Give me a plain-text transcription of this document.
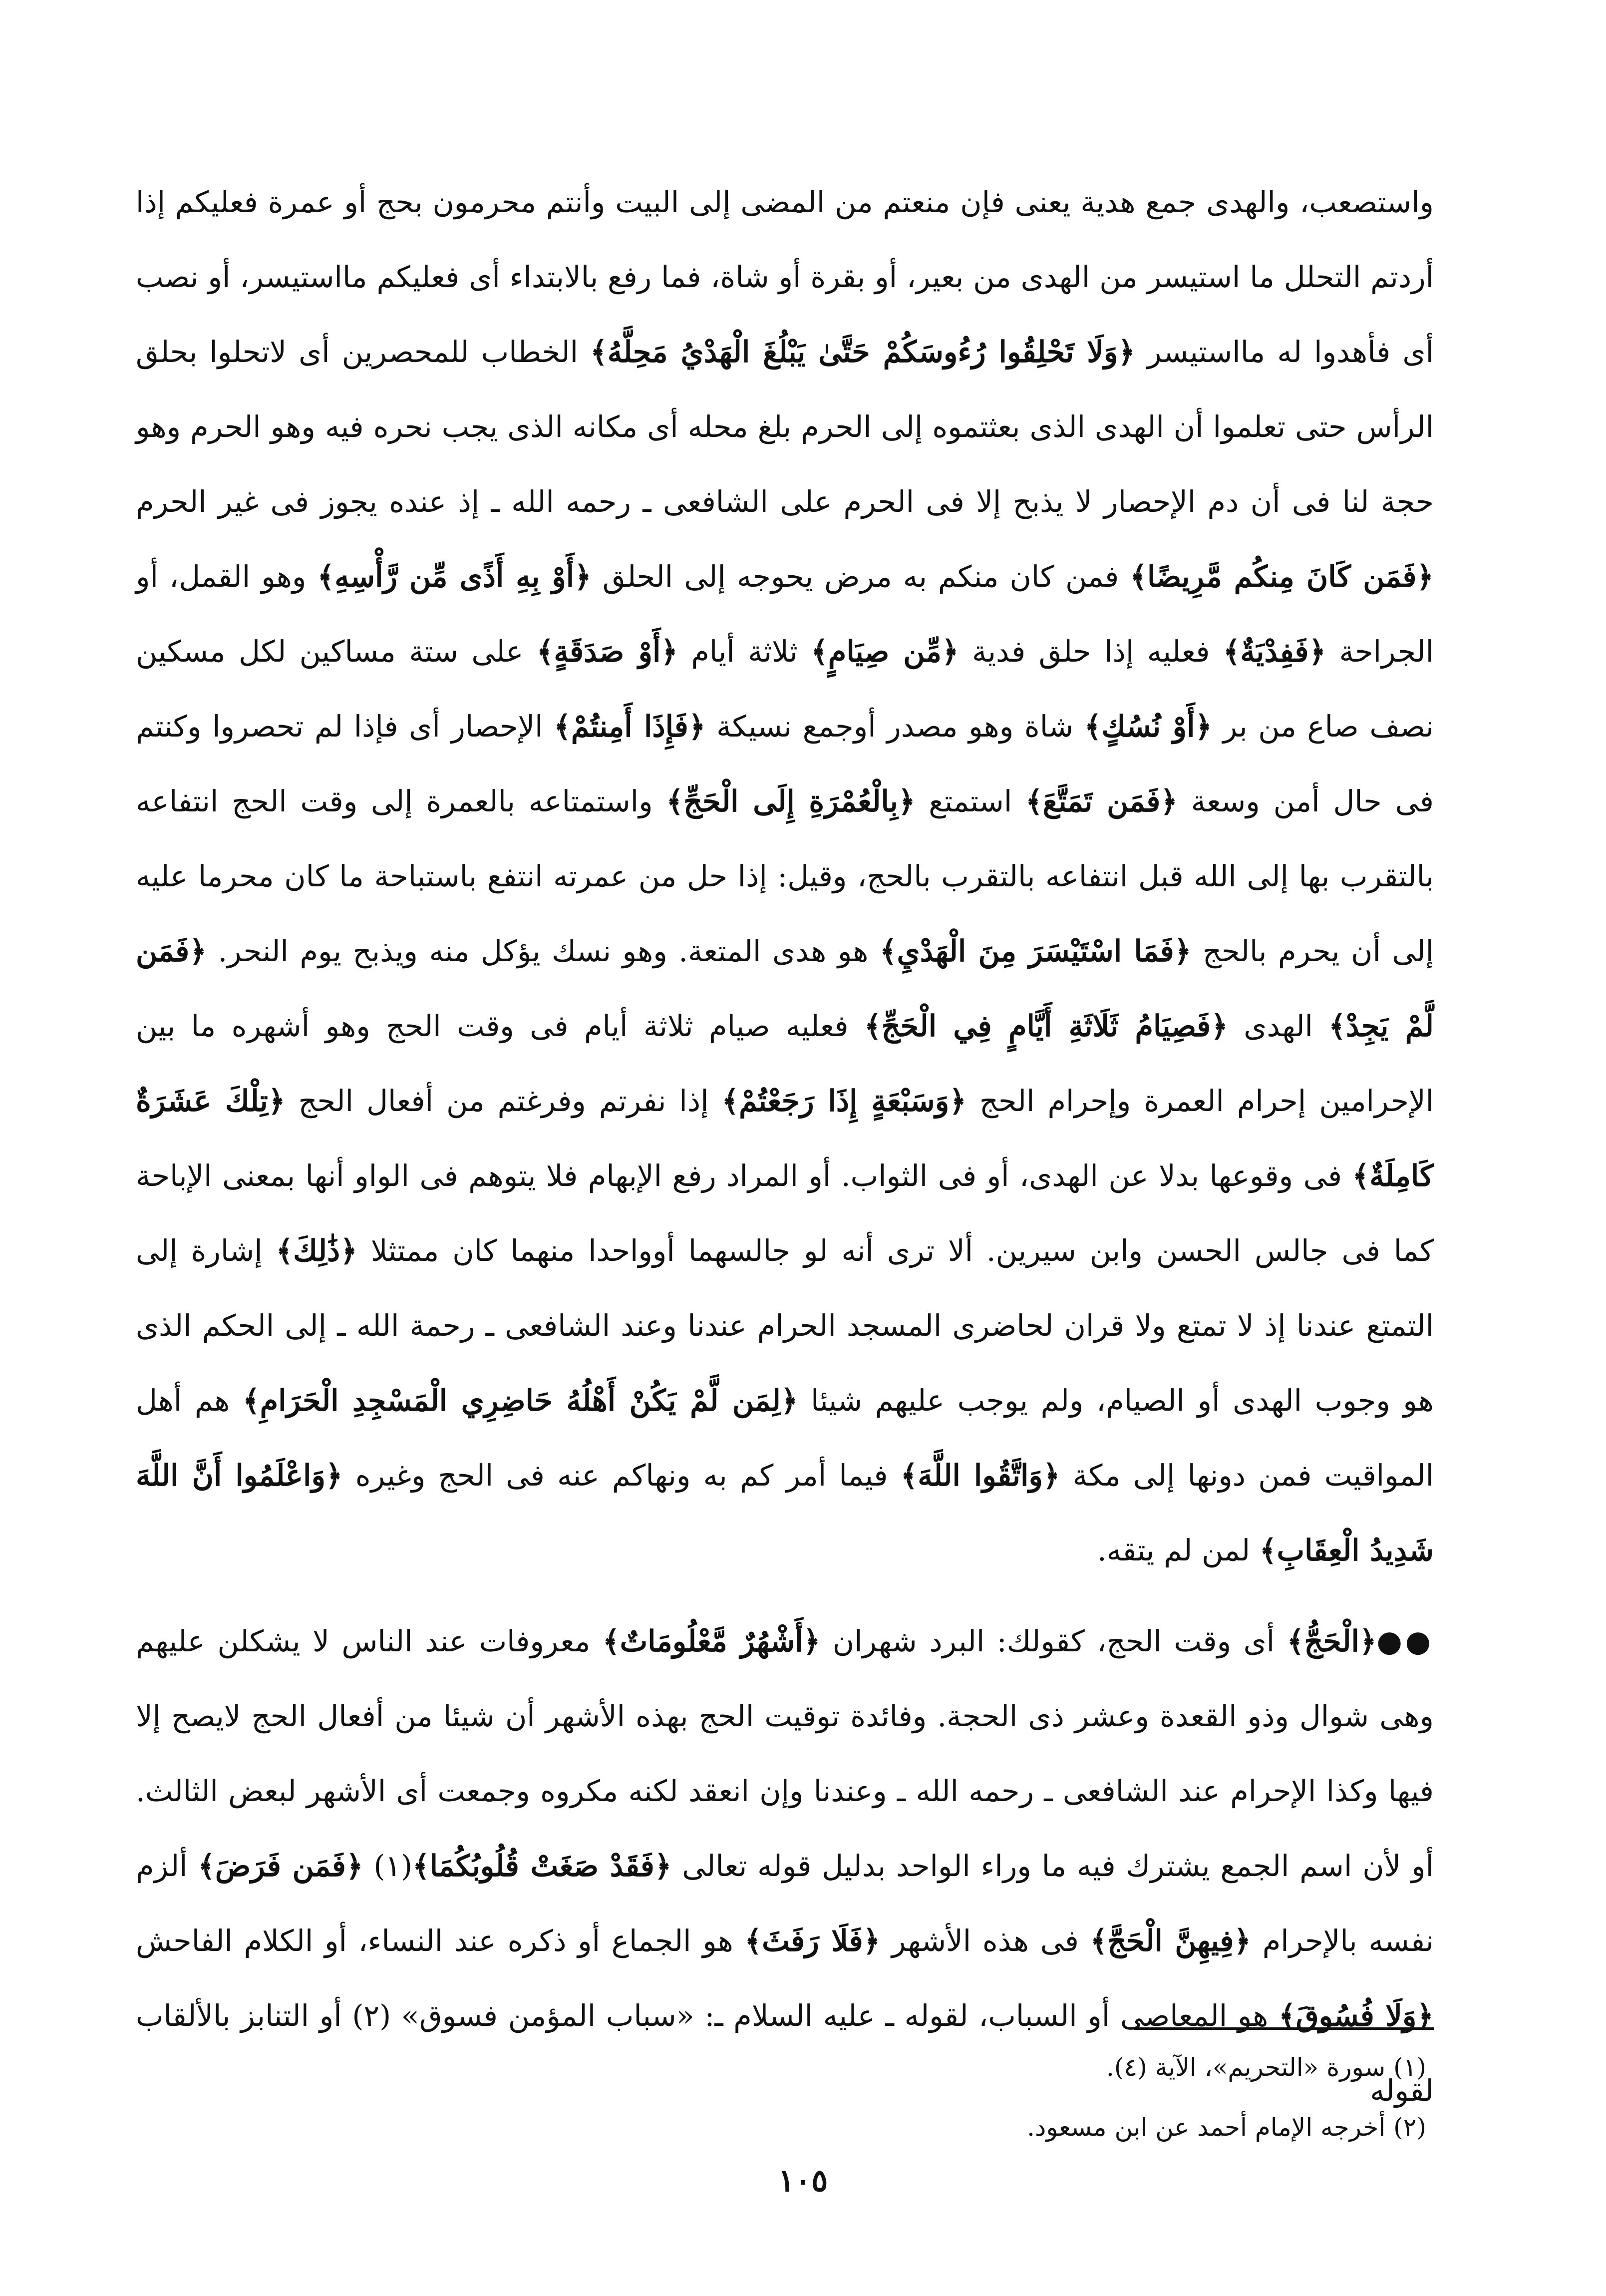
واستصعب، والهدى جمع هدية يعنى فإن منعتم من المضى إلى البيت وأنتم محرمون بحج أو عمرة فعليكم إذا أردتم التحلل ما استيسر من الهدى من بعير، أو بقرة أو شاة، فما رفع بالابتداء أى فعليكم مااستيسر، أو نصب أى فأهدوا له مااستيسر ﴿وَلَا تَحْلِقُوا رُءُوسَكُمْ حَتَّىٰ يَبْلُغَ الْهَدْيُ مَحِلَّهُ﴾ الخطاب للمحصرين أى لاتحلوا بحلق الرأس حتى تعلموا أن الهدى الذى بعثتموه إلى الحرم بلغ محله أى مكانه الذى يجب نحره فيه وهو الحرم وهو حجة لنا فى أن دم الإحصار لا يذبح إلا فى الحرم على الشافعى ـ رحمه الله ـ إذ عنده يجوز فى غير الحرم ﴿فَمَن كَانَ مِنكُم مَّرِيضًا﴾ فمن كان منكم به مرض يحوجه إلى الحلق ﴿أَوْ بِهِ أَذًى مِّن رَّأْسِهِ﴾ وهو القمل، أو الجراحة ﴿فَفِدْيَةٌ﴾ فعليه إذا حلق فدية ﴿مِّن صِيَامٍ﴾ ثلاثة أيام ﴿أَوْ صَدَقَةٍ﴾ على ستة مساكين لكل مسكين نصف صاع من بر ﴿أَوْ نُسُكٍ﴾ شاة وهو مصدر أوجمع نسيكة ﴿فَإِذَا أَمِنتُمْ﴾ الإحصار أى فإذا لم تحصروا وكنتم فى حال أمن وسعة ﴿فَمَن تَمَتَّعَ﴾ استمتع ﴿بِالْعُمْرَةِ إِلَى الْحَجِّ﴾ واستمتاعه بالعمرة إلى وقت الحج انتفاعه بالتقرب بها إلى الله قبل انتفاعه بالتقرب بالحج، وقيل: إذا حل من عمرته انتفع باستباحة ما كان محرما عليه إلى أن يحرم بالحج ﴿فَمَا اسْتَيْسَرَ مِنَ الْهَدْيِ﴾ هو هدى المتعة. وهو نسك يؤكل منه ويذبح يوم النحر. ﴿فَمَن لَّمْ يَجِدْ﴾ الهدى ﴿فَصِيَامُ ثَلَاثَةِ أَيَّامٍ فِي الْحَجِّ﴾ فعليه صيام ثلاثة أيام فى وقت الحج وهو أشهره ما بين الإحرامين إحرام العمرة وإحرام الحج ﴿وَسَبْعَةٍ إِذَا رَجَعْتُمْ﴾ إذا نفرتم وفرغتم من أفعال الحج ﴿تِلْكَ عَشَرَةٌ كَامِلَةٌ﴾ فى وقوعها بدلا عن الهدى، أو فى الثواب. أو المراد رفع الإبهام فلا يتوهم فى الواو أنها بمعنى الإباحة كما فى جالس الحسن وابن سيرين. ألا ترى أنه لو جالسهما أوواحدا منهما كان ممتثلا ﴿ذَٰلِكَ﴾ إشارة إلى التمتع عندنا إذ لا تمتع ولا قران لحاضرى المسجد الحرام عندنا وعند الشافعى ـ رحمة الله ـ إلى الحكم الذى هو وجوب الهدى أو الصيام، ولم يوجب عليهم شيئا ﴿لِمَن لَّمْ يَكُنْ أَهْلُهُ حَاضِرِي الْمَسْجِدِ الْحَرَامِ﴾ هم أهل المواقيت فمن دونها إلى مكة ﴿وَاتَّقُوا اللَّهَ﴾ فيما أمر كم به ونهاكم عنه فى الحج وغيره ﴿وَاعْلَمُوا أَنَّ اللَّهَ شَدِيدُ الْعِقَابِ﴾ لمن لم يتقه.

●●﴿الْحَجُّ﴾ أى وقت الحج، كقولك: البرد شهران ﴿أَشْهُرٌ مَّعْلُومَاتٌ﴾ معروفات عند الناس لا يشكلن عليهم وهى شوال وذو القعدة وعشر ذى الحجة. وفائدة توقيت الحج بهذه الأشهر أن شيئا من أفعال الحج لايصح إلا فيها وكذا الإحرام عند الشافعى ـ رحمه الله ـ وعندنا وإن انعقد لكنه مكروه وجمعت أى الأشهر لبعض الثالث. أو لأن اسم الجمع يشترك فيه ما وراء الواحد بدليل قوله تعالى ﴿فَقَدْ صَغَتْ قُلُوبُكُمَا﴾(١) ﴿فَمَن فَرَضَ﴾ ألزم نفسه بالإحرام ﴿فِيهِنَّ الْحَجَّ﴾ فى هذه الأشهر ﴿فَلَا رَفَثَ﴾ هو الجماع أو ذكره عند النساء، أو الكلام الفاحش ﴿وَلَا فُسُوقَ﴾ هو المعاصى أو السباب، لقوله ـ عليه السلام ـ: «سباب المؤمن فسوق» (٢) أو التنابز بالألقاب لقوله

(١) سورة «التحريم»، الآية (٤).

(٢) أخرجه الإمام أحمد عن ابن مسعود.

١٠٥
